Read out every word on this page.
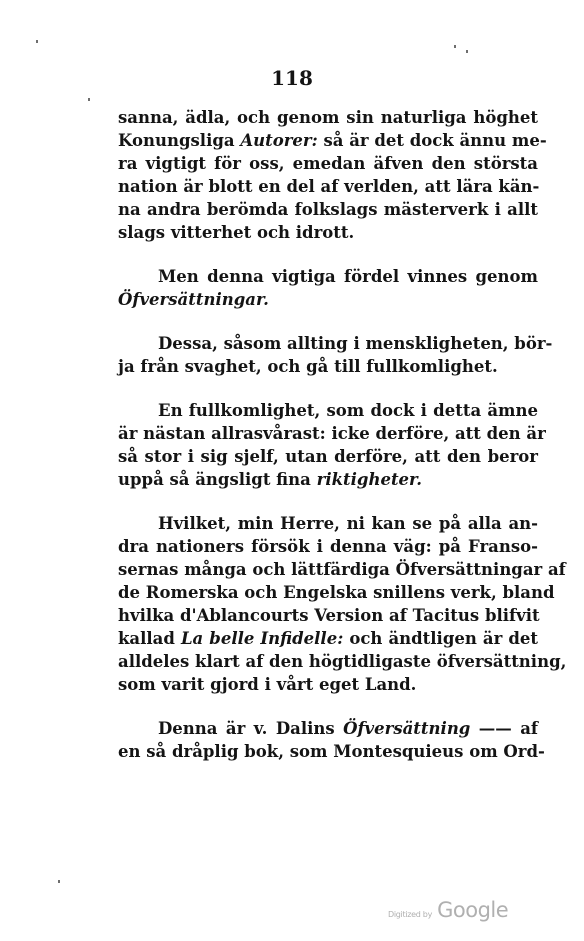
118
sanna, ädla, och genom sin naturliga höghet
Konungsliga Autorer: så är det dock ännu me-
ra vigtigt för oss, emedan äfven den största
nation är blott en del af verlden, att lära kän-
na andra berömda folkslags mästerverk i allt
slags vitterhet och idrott.
Men denna vigtiga fördel vinnes genom
Öfversättningar.
Dessa, såsom allting i menskligheten, bör-
ja från svaghet, och gå till fullkomlighet.
En fullkomlighet, som dock i detta ämne
är nästan allrasvårast: icke derföre, att den är
så stor i sig sjelf, utan derföre, att den beror
uppå så ängsligt fina riktigheter.
Hvilket, min Herre, ni kan se på alla an-
dra nationers försök i denna väg: på Franso-
sernas många och lättfärdiga Öfversättningar af
de Romerska och Engelska snillens verk, bland
hvilka d'Ablancourts Version af Tacitus blifvit
kallad La belle Infidelle: och ändtligen är det
alldeles klart af den högtidligaste öfversättning,
som varit gjord i vårt eget Land.
Denna är v. Dalins Öfversättning —— af
en så dråplig bok, som Montesquieus om Ord-
Digitized by Google
